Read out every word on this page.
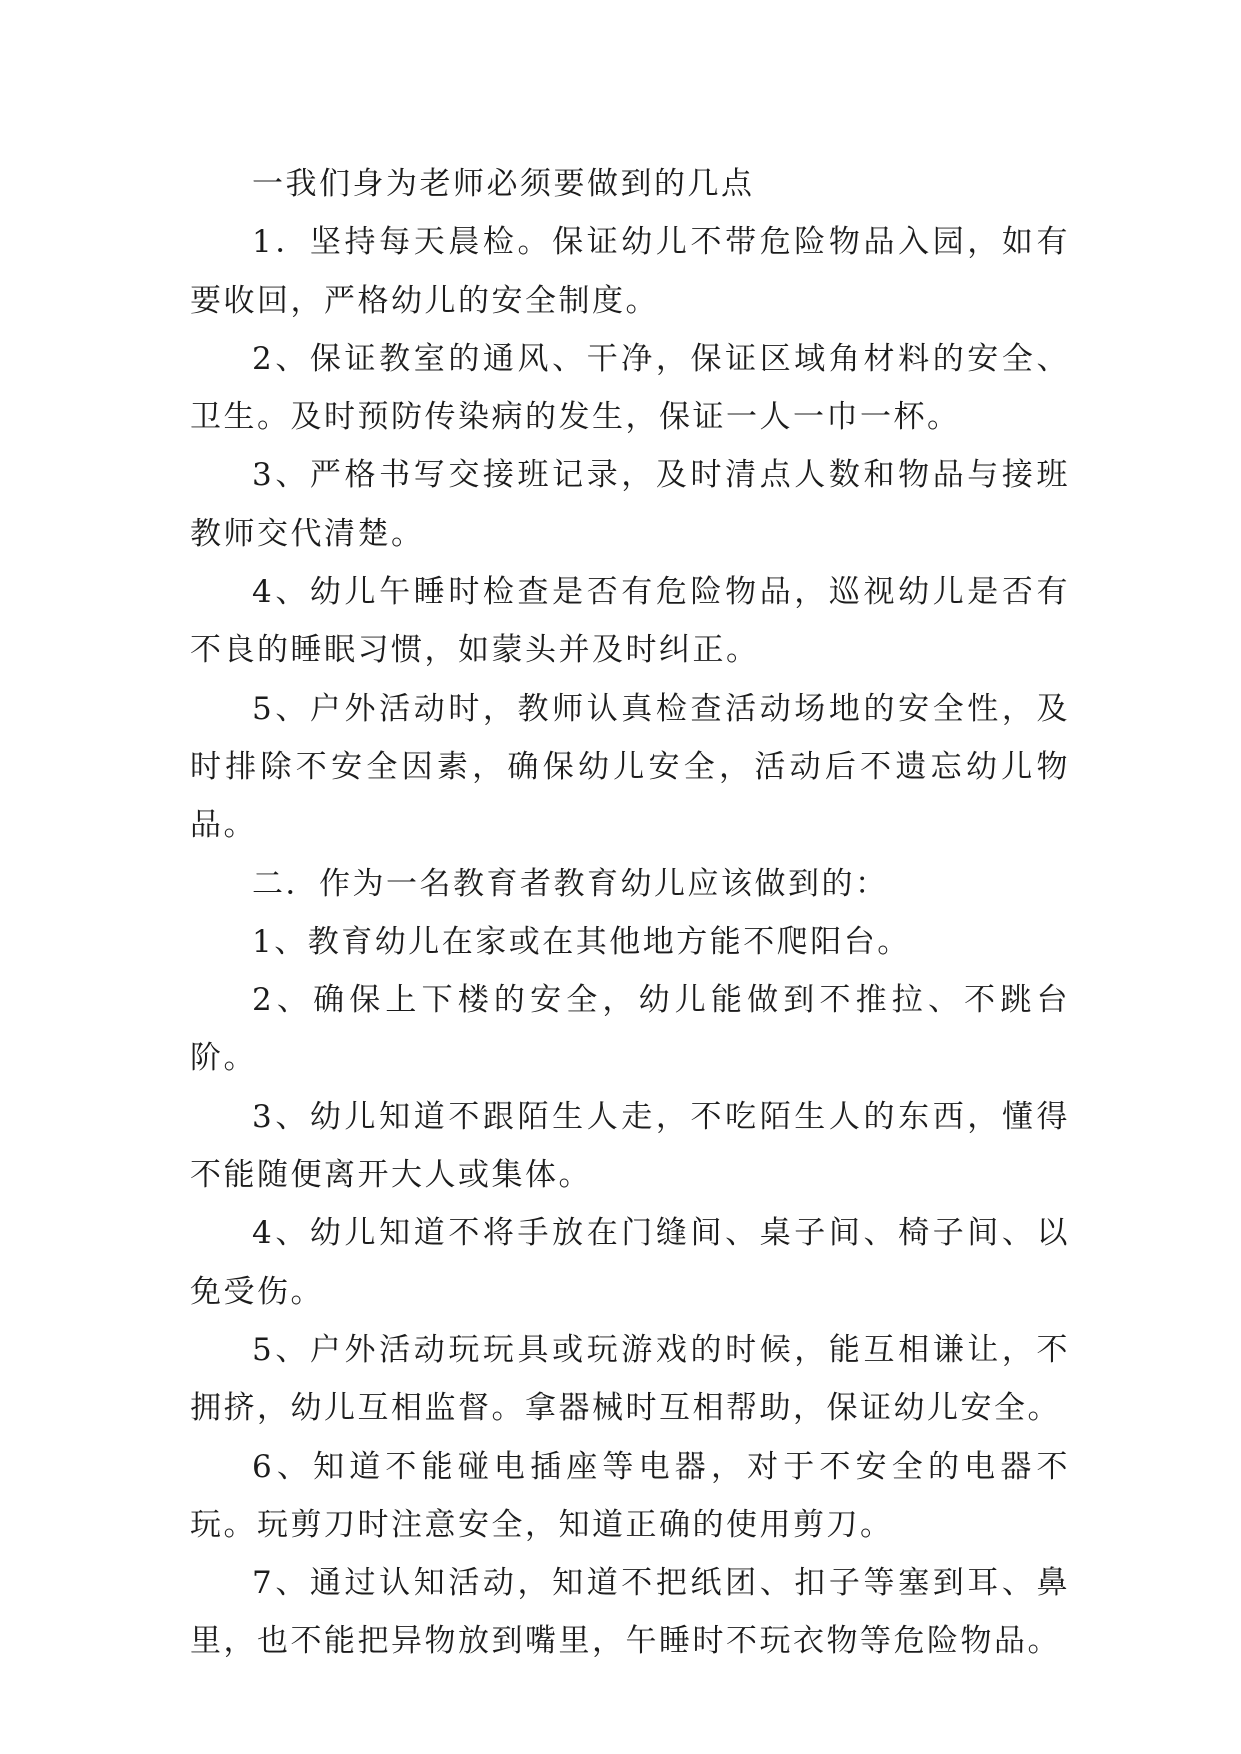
一我们身为老师必须要做到的几点

1．坚持每天晨检。保证幼儿不带危险物品入园，如有要收回，严格幼儿的安全制度。

2、保证教室的通风、干净，保证区域角材料的安全、卫生。及时预防传染病的发生，保证一人一巾一杯。

3、严格书写交接班记录，及时清点人数和物品与接班教师交代清楚。

4、幼儿午睡时检查是否有危险物品，巡视幼儿是否有不良的睡眠习惯，如蒙头并及时纠正。

5、户外活动时，教师认真检查活动场地的安全性，及时排除不安全因素，确保幼儿安全，活动后不遗忘幼儿物品。

二．作为一名教育者教育幼儿应该做到的：

1、教育幼儿在家或在其他地方能不爬阳台。

2、确保上下楼的安全，幼儿能做到不推拉、不跳台阶。

3、幼儿知道不跟陌生人走，不吃陌生人的东西，懂得不能随便离开大人或集体。

4、幼儿知道不将手放在门缝间、桌子间、椅子间、以免受伤。

5、户外活动玩玩具或玩游戏的时候，能互相谦让，不拥挤，幼儿互相监督。拿器械时互相帮助，保证幼儿安全。

6、知道不能碰电插座等电器，对于不安全的电器不玩。玩剪刀时注意安全，知道正确的使用剪刀。

7、通过认知活动，知道不把纸团、扣子等塞到耳、鼻里，也不能把异物放到嘴里，午睡时不玩衣物等危险物品。
